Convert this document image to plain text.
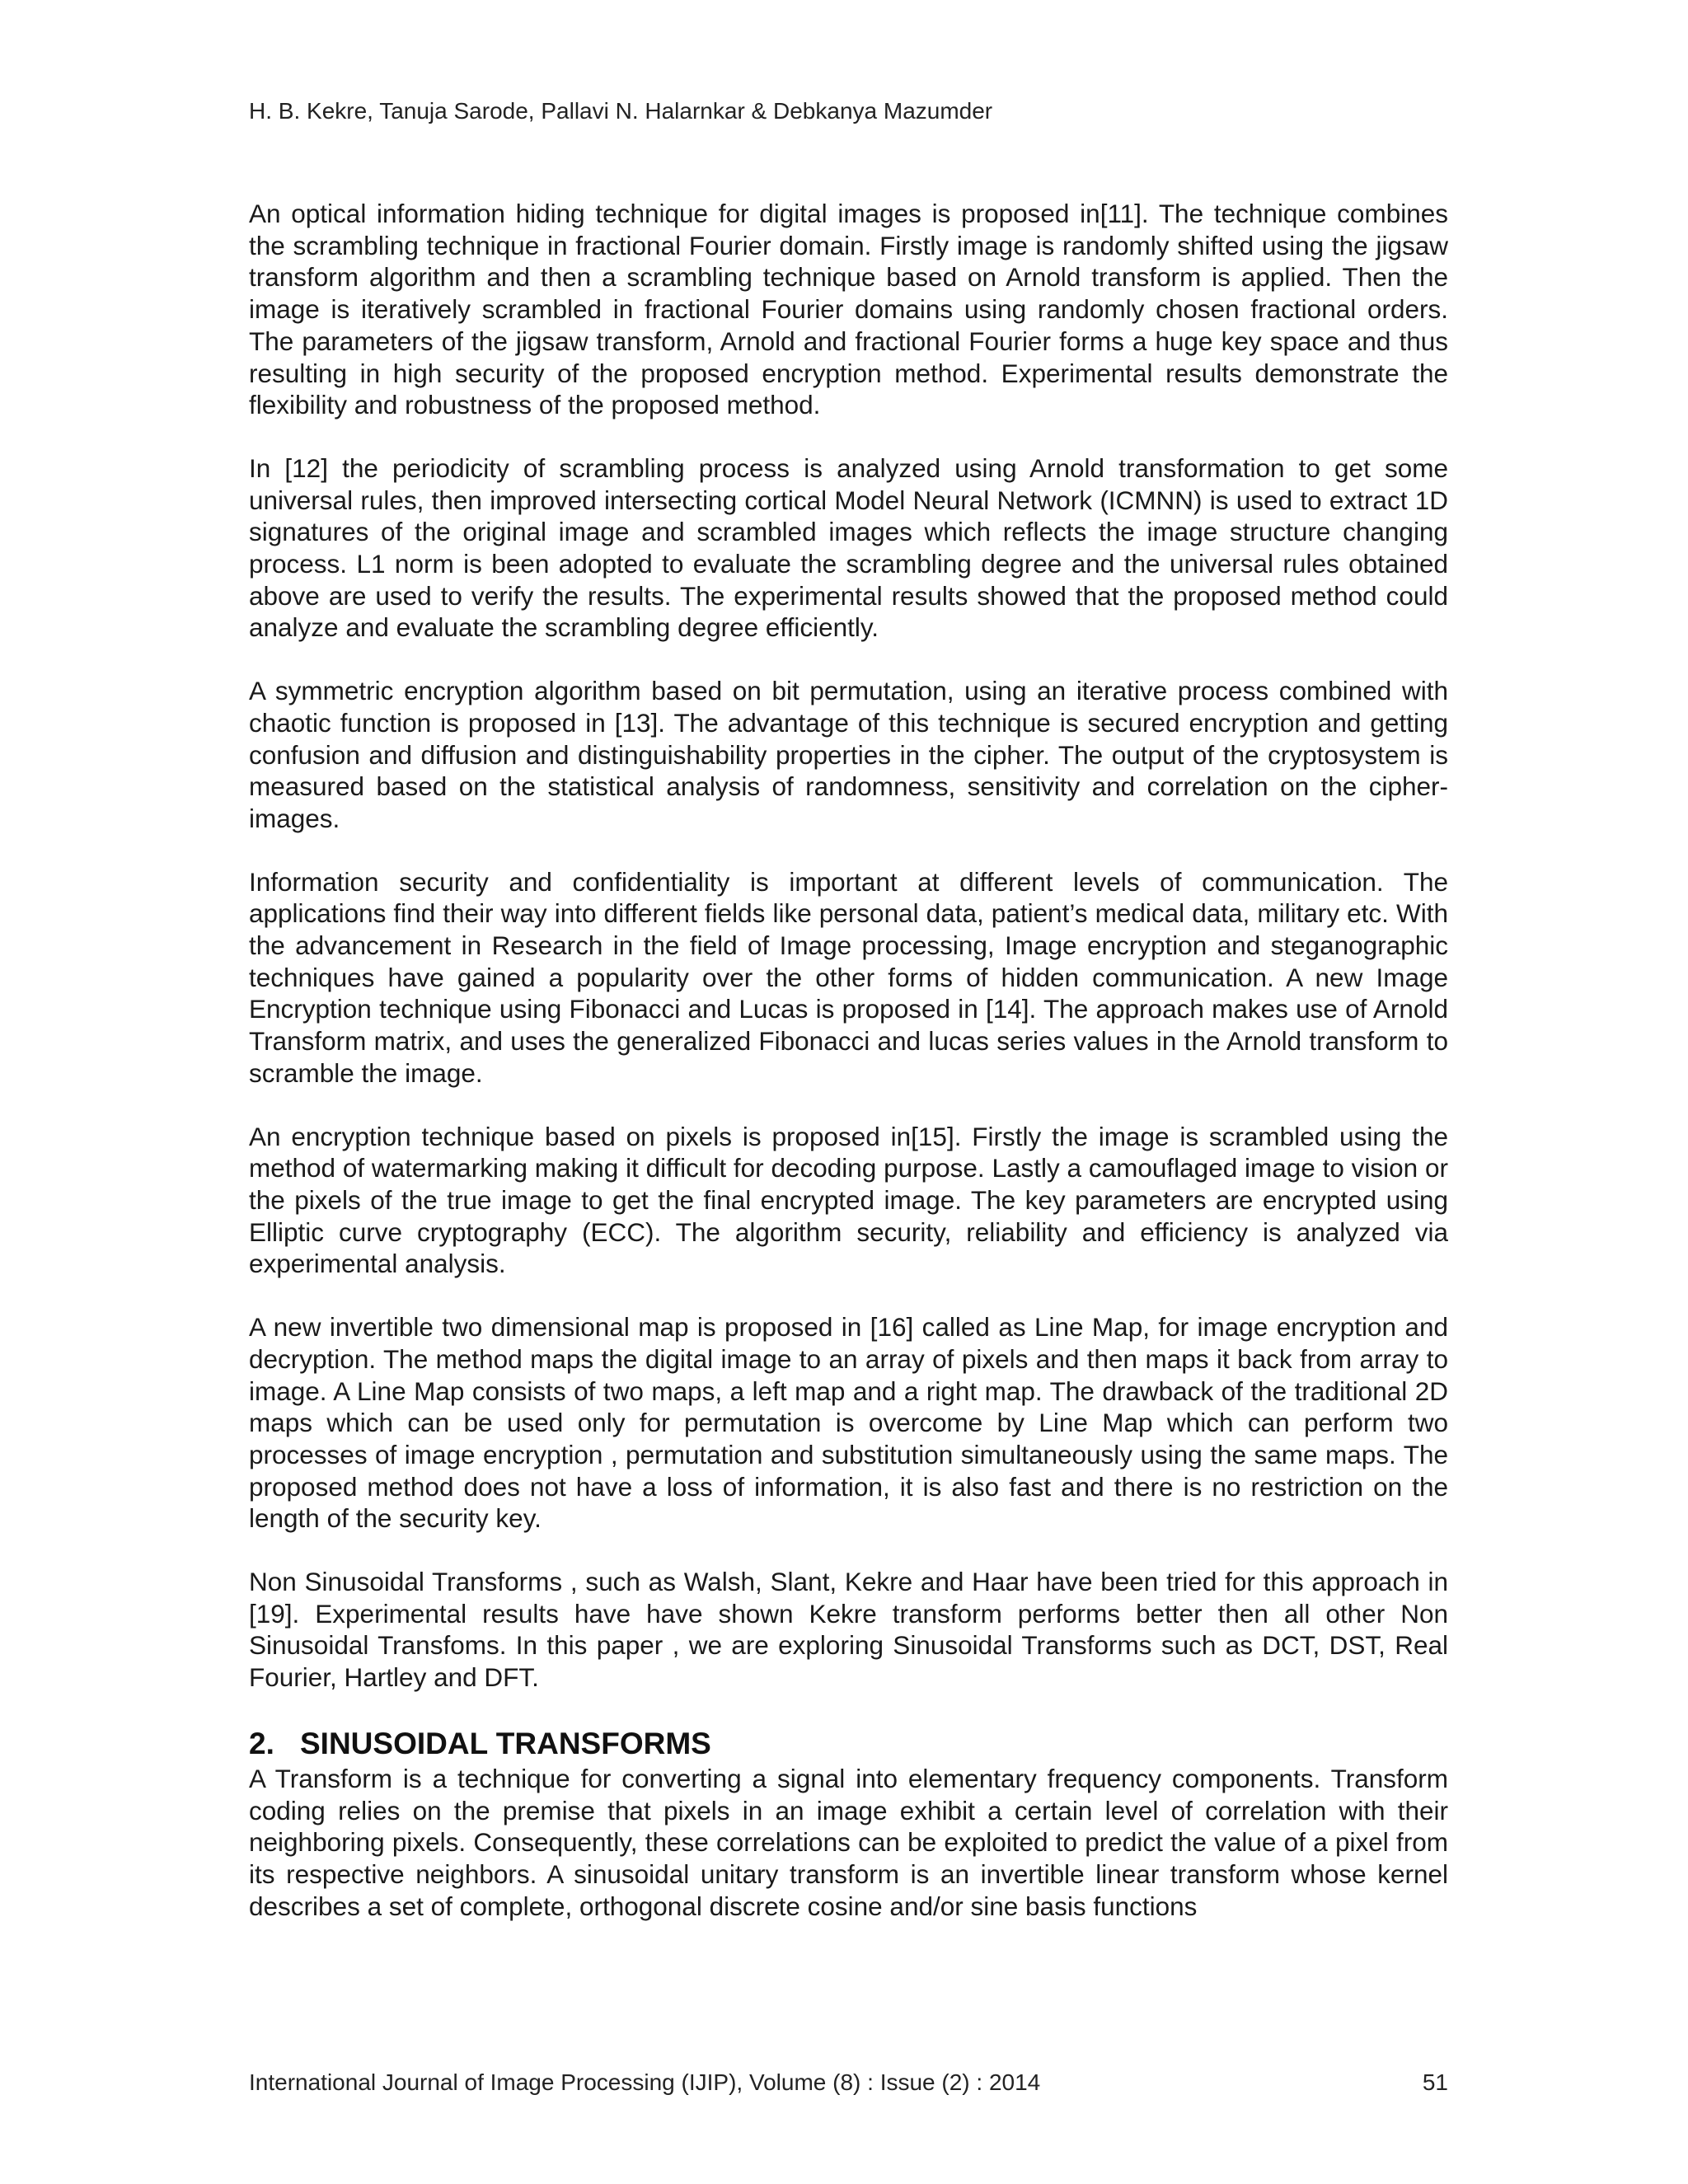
H. B. Kekre, Tanuja Sarode, Pallavi N. Halarnkar & Debkanya Mazumder

An optical information hiding technique for digital images is proposed in[11]. The technique combines the scrambling technique in fractional Fourier domain. Firstly image is randomly shifted using the jigsaw transform algorithm and then a scrambling technique based on Arnold transform is applied. Then the image is iteratively scrambled in fractional Fourier domains using randomly chosen fractional orders. The parameters of the jigsaw transform, Arnold and fractional Fourier forms a huge key space and thus resulting in high security of the proposed encryption method. Experimental results demonstrate the flexibility and robustness of the proposed method.

In [12] the periodicity of scrambling process is analyzed using Arnold transformation to get some universal rules, then improved intersecting cortical Model Neural Network (ICMNN) is used to extract 1D signatures of the original image and scrambled images which reflects the image structure changing process. L1 norm is been adopted to evaluate the scrambling degree and the universal rules obtained above are used to verify the results. The experimental results showed that the proposed method could analyze and evaluate the scrambling degree efficiently.

A symmetric encryption algorithm based on bit permutation, using an iterative process combined with chaotic function is proposed in [13]. The advantage of this technique is secured encryption and getting confusion and diffusion and distinguishability properties in the cipher. The output of the cryptosystem is measured based on the statistical analysis of randomness, sensitivity and correlation on the cipher-images.

Information security and confidentiality is important at different levels of communication. The applications find their way into different fields like personal data, patient’s medical data, military etc. With the advancement in Research in the field of Image processing, Image encryption and steganographic techniques have gained a popularity over the other forms of hidden communication. A new Image Encryption technique using Fibonacci and Lucas is proposed in [14]. The approach makes use of Arnold Transform matrix, and uses the generalized Fibonacci and lucas series values in the Arnold transform to scramble the image.

An encryption technique based on pixels is proposed in[15]. Firstly the image is scrambled using the method of watermarking making it difficult for decoding purpose. Lastly a camouflaged image to vision or the pixels of the true image to get the final encrypted image. The key parameters are encrypted using Elliptic curve cryptography (ECC). The algorithm security, reliability and efficiency is analyzed via experimental analysis.

A new invertible two dimensional map is proposed in [16] called as Line Map, for image encryption and decryption. The method maps the digital image to an array of pixels and then maps it back from array to image. A Line Map consists of two maps, a left map and a right map. The drawback of the traditional 2D maps which can be used only for permutation is overcome by Line Map which can perform two processes of image encryption , permutation and substitution simultaneously using the same maps. The proposed method does not have a loss of information, it is also fast and there is no restriction on the length of the security key.

Non Sinusoidal Transforms , such as Walsh, Slant, Kekre and Haar have been tried for this approach in [19]. Experimental results have have shown Kekre transform performs better then all other Non Sinusoidal Transfoms. In this paper , we are exploring Sinusoidal Transforms such as DCT, DST, Real Fourier, Hartley and DFT.

2. SINUSOIDAL TRANSFORMS

A Transform is a technique for converting a signal into elementary frequency components. Transform coding relies on the premise that pixels in an image exhibit a certain level of correlation with their neighboring pixels. Consequently, these correlations can be exploited to predict the value of a pixel from its respective neighbors. A sinusoidal unitary transform is an invertible linear transform whose kernel describes a set of complete, orthogonal discrete cosine and/or sine basis functions

International Journal of Image Processing (IJIP), Volume (8) : Issue (2) : 2014	51
